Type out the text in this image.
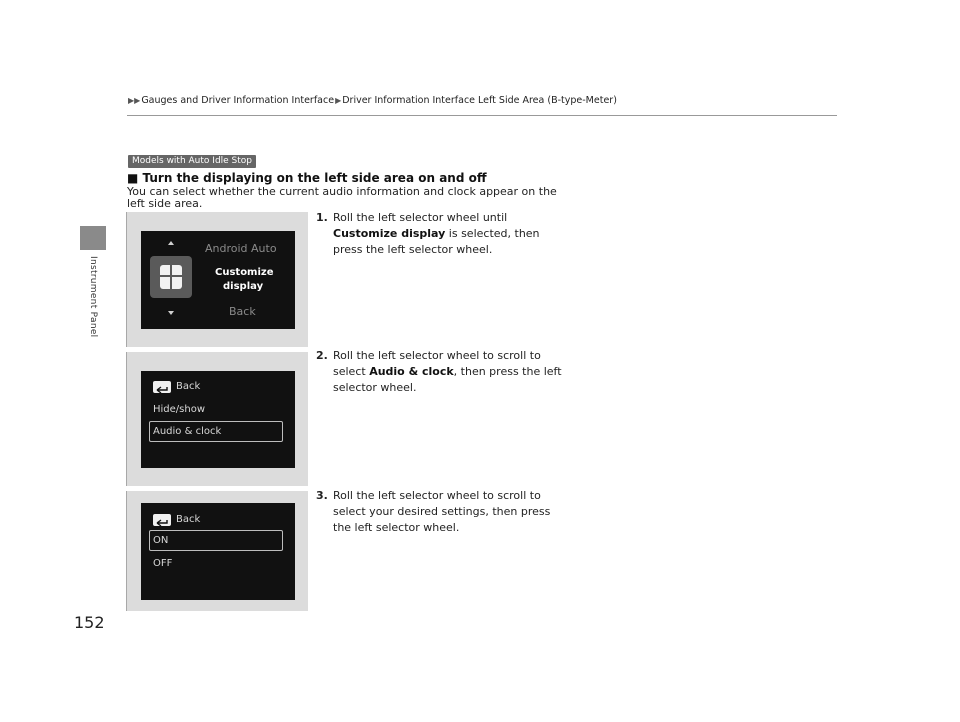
Instrument Panel
▶▶Gauges and Driver Information Interface▶Driver Information Interface Left Side Area (B-type-Meter)
Models with Auto Idle Stop
■ Turn the displaying on the left side area on and off
You can select whether the current audio information and clock appear on the left side area.
Android Auto
Customize
display
Back
1. Roll the left selector wheel until Customize display is selected, then press the left selector wheel.
Back
Hide/show
Audio & clock
2. Roll the left selector wheel to scroll to select Audio & clock, then press the left selector wheel.
Back
ON
OFF
3. Roll the left selector wheel to scroll to select your desired settings, then press the left selector wheel.
152
